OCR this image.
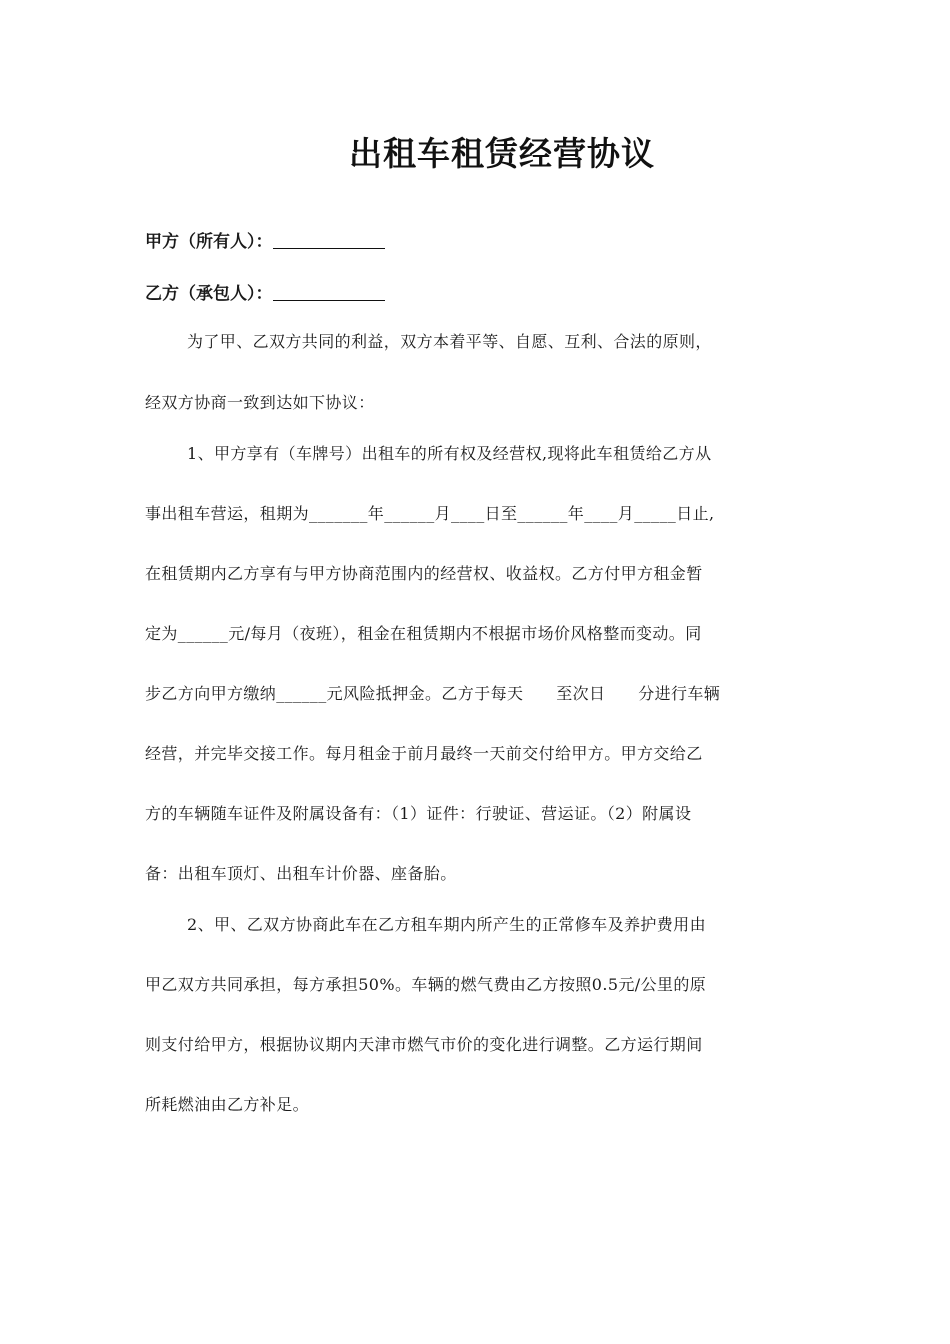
出租车租赁经营协议
甲方（所有人）：
乙方（承包人）：
为了甲、乙双方共同的利益，双方本着平等、自愿、互利、合法的原则，
经双方协商一致到达如下协议：
1、甲方享有（车牌号）出租车的所有权及经营权,现将此车租赁给乙方从
事出租车营运，租期为_______年______月____日至______年____月_____日止,
在租赁期内乙方享有与甲方协商范围内的经营权、收益权。乙方付甲方租金暂
定为______元/每月（夜班），租金在租赁期内不根据市场价风格整而变动。同
步乙方向甲方缴纳______元风险抵押金。乙方于每天　　至次日　　分进行车辆
经营，并完毕交接工作。每月租金于前月最终一天前交付给甲方。甲方交给乙
方的车辆随车证件及附属设备有：（1）证件：行驶证、营运证。（2）附属设
备：出租车顶灯、出租车计价器、座备胎。
2、甲、乙双方协商此车在乙方租车期内所产生的正常修车及养护费用由
甲乙双方共同承担，每方承担50%。车辆的燃气费由乙方按照0.5元/公里的原
则支付给甲方，根据协议期内天津市燃气市价的变化进行调整。乙方运行期间
所耗燃油由乙方补足。
